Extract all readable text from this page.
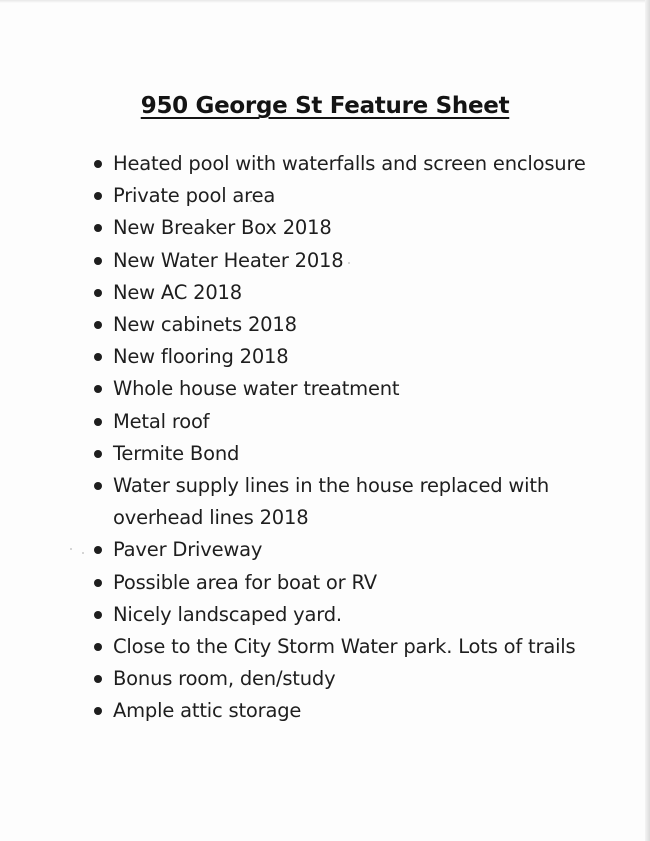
950 George St Feature Sheet
Heated pool with waterfalls and screen enclosure
Private pool area
New Breaker Box 2018
New Water Heater 2018
New AC 2018
New cabinets 2018
New flooring 2018
Whole house water treatment
Metal roof
Termite Bond
Water supply lines in the house replaced with overhead lines 2018
Paver Driveway
Possible area for boat or RV
Nicely landscaped yard.
Close to the City Storm Water park. Lots of trails
Bonus room, den/study
Ample attic storage
